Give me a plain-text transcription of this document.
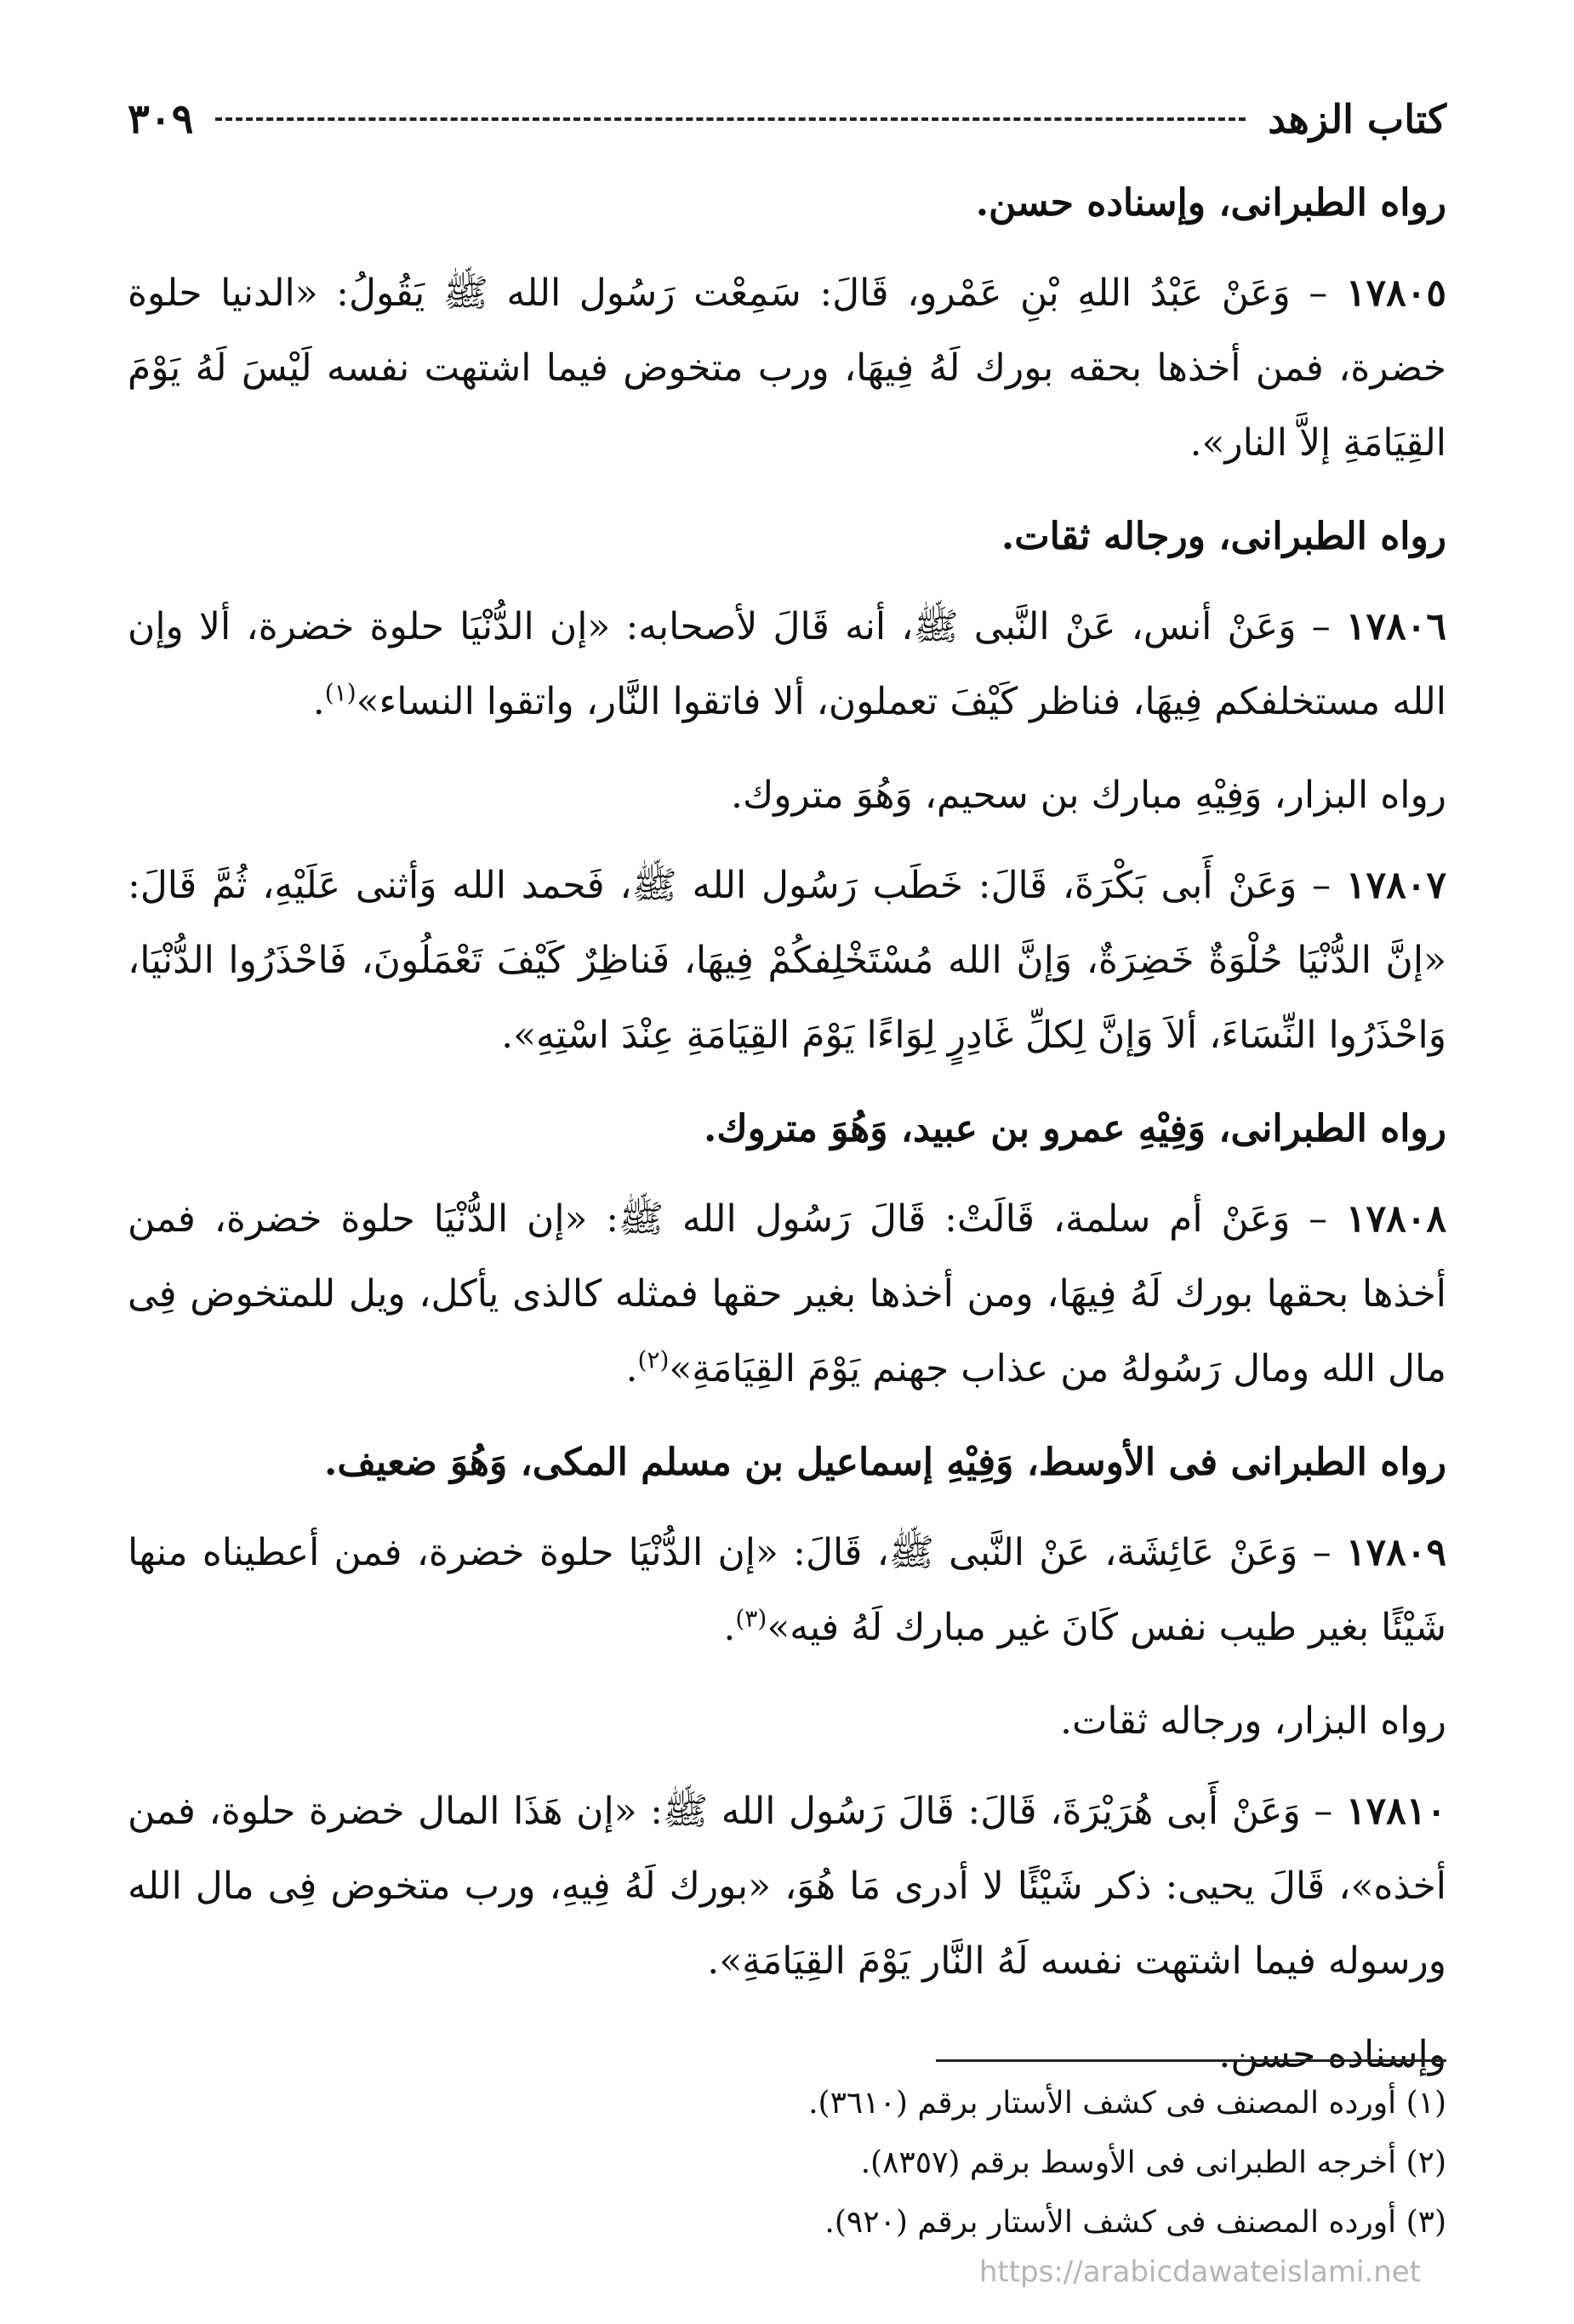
كتاب الزهد
٣٠٩

رواه الطبرانى، وإسناده حسن.

١٧٨٠٥ – وَعَنْ عَبْدُ اللهِ بْنِ عَمْرو، قَالَ: سَمِعْت رَسُول الله ﷺ يَقُولُ: «الدنيا حلوة خضرة، فمن أخذها بحقه بورك لَهُ فِيهَا، ورب متخوض فيما اشتهت نفسه لَيْسَ لَهُ يَوْمَ القِيَامَةِ إلاَّ النار».

رواه الطبرانى، ورجاله ثقات.

١٧٨٠٦ – وَعَنْ أنس، عَنْ النَّبى ﷺ، أنه قَالَ لأصحابه: «إن الدُّنْيَا حلوة خضرة، ألا وإن الله مستخلفكم فِيهَا، فناظر كَيْفَ تعملون، ألا فاتقوا النَّار، واتقوا النساء»$^{(١)}$.

رواه البزار، وَفِيْهِ مبارك بن سحيم، وَهُوَ متروك.

١٧٨٠٧ – وَعَنْ أَبى بَكْرَةَ، قَالَ: خَطَب رَسُول الله ﷺ، فَحمد الله وَأثنى عَلَيْهِ، ثُمَّ قَالَ: «إنَّ الدُّنْيَا حُلْوَةٌ خَضِرَةٌ، وَإنَّ الله مُسْتَخْلِفكُمْ فِيهَا، فَناظِرٌ كَيْفَ تَعْمَلُونَ، فَاحْذَرُوا الدُّنْيَا، وَاحْذَرُوا النِّسَاءَ، ألاَ وَإنَّ لِكلِّ غَادِرٍ لِوَاءًا يَوْمَ القِيَامَةِ عِنْدَ اسْتِهِ».

رواه الطبرانى، وَفِيْهِ عمرو بن عبيد، وَهُوَ متروك.

١٧٨٠٨ – وَعَنْ أم سلمة، قَالَتْ: قَالَ رَسُول الله ﷺ: «إن الدُّنْيَا حلوة خضرة، فمن أخذها بحقها بورك لَهُ فِيهَا، ومن أخذها بغير حقها فمثله كالذى يأكل، ويل للمتخوض فِى مال الله ومال رَسُولهُ من عذاب جهنم يَوْمَ القِيَامَةِ»$^{(٢)}$.

رواه الطبرانى فى الأوسط، وَفِيْهِ إسماعيل بن مسلم المكى، وَهُوَ ضعيف.

١٧٨٠٩ – وَعَنْ عَائِشَة، عَنْ النَّبى ﷺ، قَالَ: «إن الدُّنْيَا حلوة خضرة، فمن أعطيناه منها شَيْئًا بغير طيب نفس كَانَ غير مبارك لَهُ فيه»$^{(٣)}$.

رواه البزار، ورجاله ثقات.

١٧٨١٠ – وَعَنْ أَبى هُرَيْرَةَ، قَالَ: قَالَ رَسُول الله ﷺ: «إن هَذَا المال خضرة حلوة، فمن أخذه»، قَالَ يحيى: ذكر شَيْئًا لا أدرى مَا هُوَ، «بورك لَهُ فِيهِ، ورب متخوض فِى مال الله ورسوله فيما اشتهت نفسه لَهُ النَّار يَوْمَ القِيَامَةِ».

وإسناده حسن.

(١) أورده المصنف فى كشف الأستار برقم (٣٦١٠).
(٢) أخرجه الطبرانى فى الأوسط برقم (٨٣٥٧).
(٣) أورده المصنف فى كشف الأستار برقم (٩٢٠).
https://arabicdawateislami.net
